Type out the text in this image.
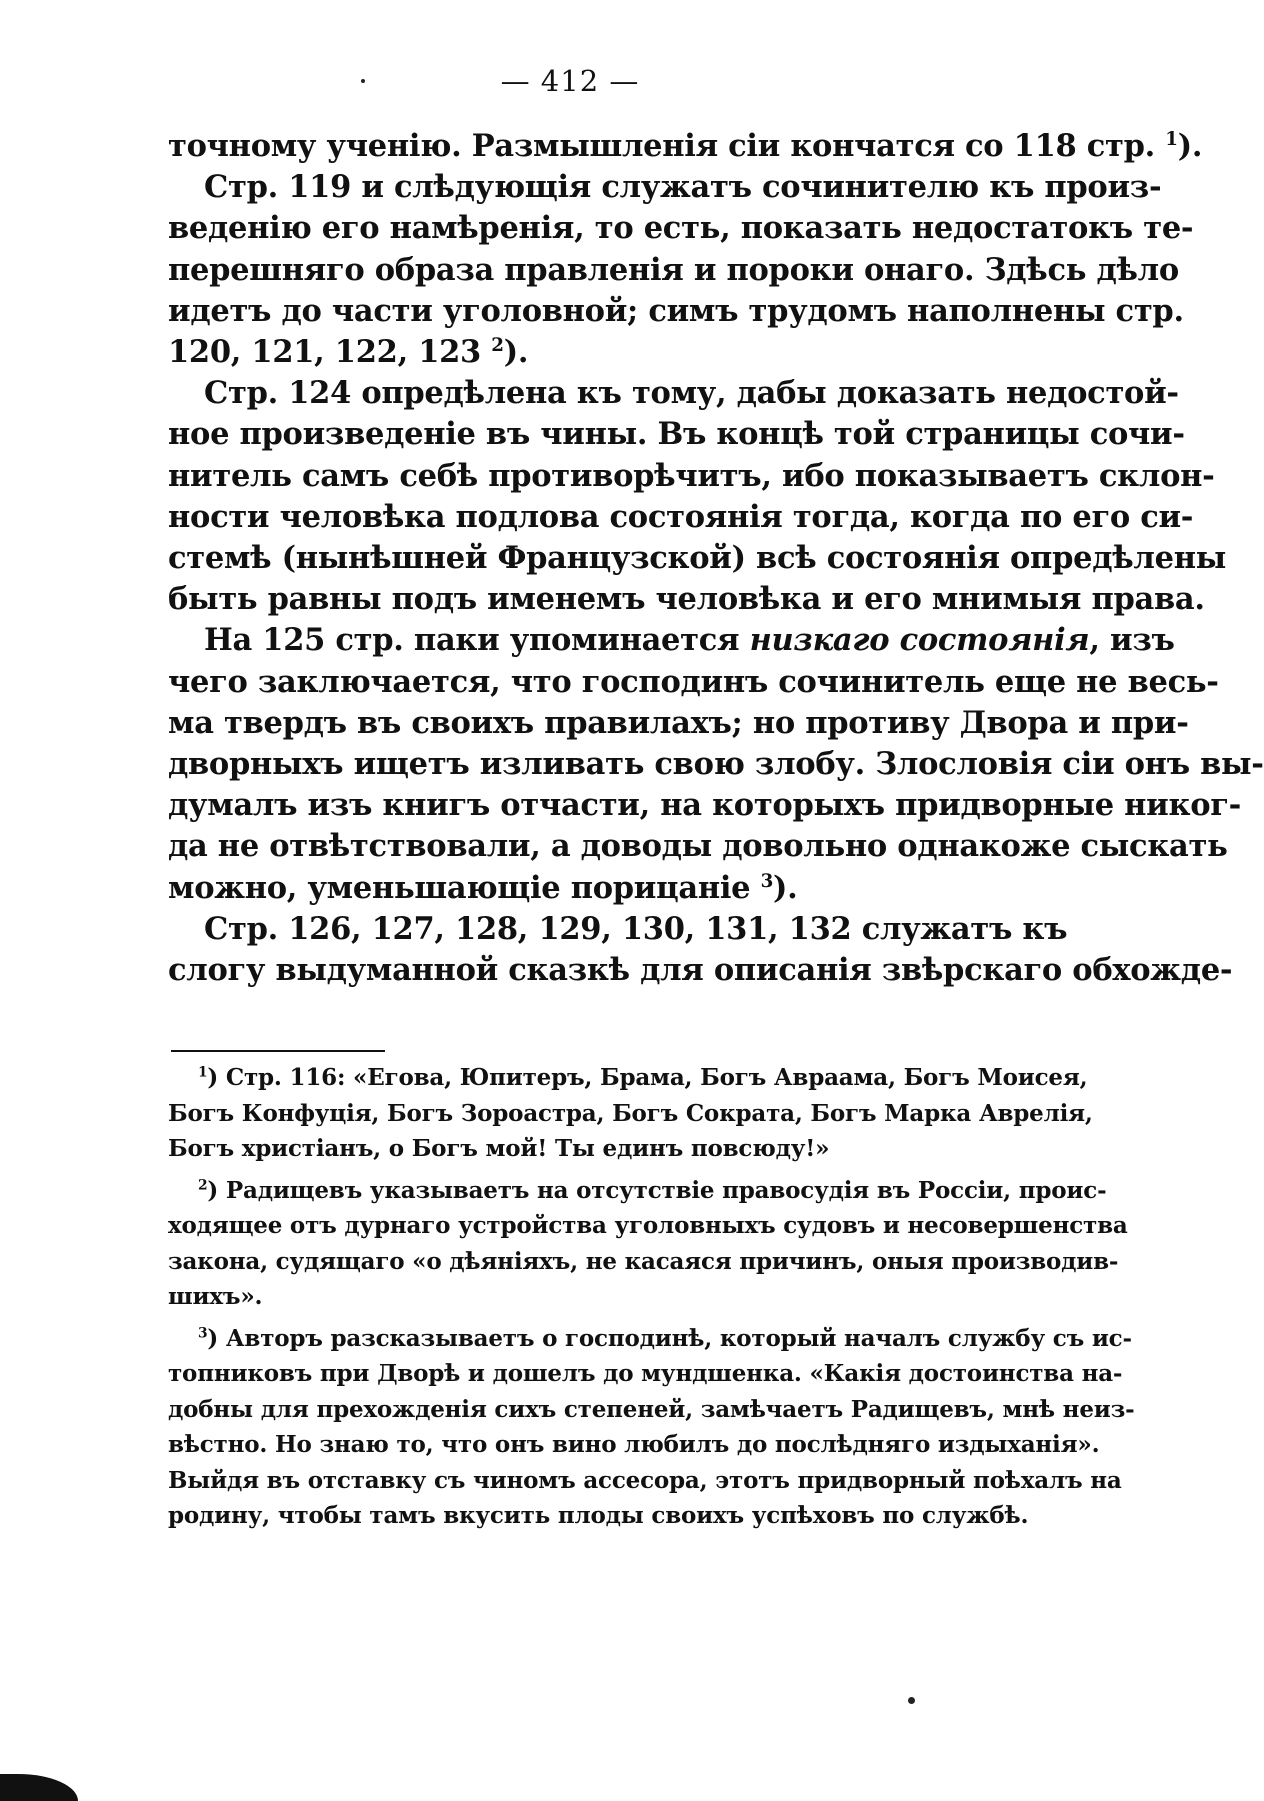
— 412 —

точному ученію. Размышленія сіи кончатся со 118 стр. $^1$).

Стр. 119 и слѣдующія служатъ сочинителю къ произ-
веденію его намѣренія, то есть, показать недостатокъ те-
перешняго образа правленія и пороки онаго. Здѣсь дѣло
идетъ до части уголовной; симъ трудомъ наполнены стр.
120, 121, 122, 123 $^2$).

Стр. 124 опредѣлена къ тому, дабы доказать недостой-
ное произведеніе въ чины. Въ концѣ той страницы сочи-
нитель самъ себѣ противорѣчитъ, ибо показываетъ склон-
ности человѣка подлова состоянія тогда, когда по его си-
стемѣ (нынѣшней Французской) всѣ состоянія опредѣлены
быть равны подъ именемъ человѣка и его мнимыя права.

На 125 стр. паки упоминается низкаго состоянія, изъ
чего заключается, что господинъ сочинитель еще не весь-
ма твердъ въ своихъ правилахъ; но противу Двора и при-
дворныхъ ищетъ изливать свою злобу. Злословія сіи онъ вы-
думалъ изъ книгъ отчасти, на которыхъ придворные никог-
да не отвѣтствовали, а доводы довольно однакоже сыскать
можно, уменьшающіе порицаніе $^3$).

Стр. 126, 127, 128, 129, 130, 131, 132 служатъ къ
слогу выдуманной сказкѣ для описанія звѣрскаго обхожде-

$^1$) Стр. 116: «Егова, Юпитеръ, Брама, Богъ Авраама, Богъ Моисея,
Богъ Конфуція, Богъ Зороастра, Богъ Сократа, Богъ Марка Аврелія,
Богъ христіанъ, о Богъ мой! Ты единъ повсюду!»
$^2$) Радищевъ указываетъ на отсутствіе правосудія въ Россіи, проис-
ходящее отъ дурнаго устройства уголовныхъ судовъ и несовершенства
закона, судящаго «о дѣяніяхъ, не касаяся причинъ, оныя производив-
шихъ».
$^3$) Авторъ разсказываетъ о господинѣ, который началъ службу съ ис-
топниковъ при Дворѣ и дошелъ до мундшенка. «Какія достоинства на-
добны для прехожденія сихъ степеней, замѣчаетъ Радищевъ, мнѣ неиз-
вѣстно. Но знаю то, что онъ вино любилъ до послѣдняго издыханія».
Выйдя въ отставку съ чиномъ ассесора, этотъ придворный поѣхалъ на
родину, чтобы тамъ вкусить плоды своихъ успѣховъ по службѣ.
